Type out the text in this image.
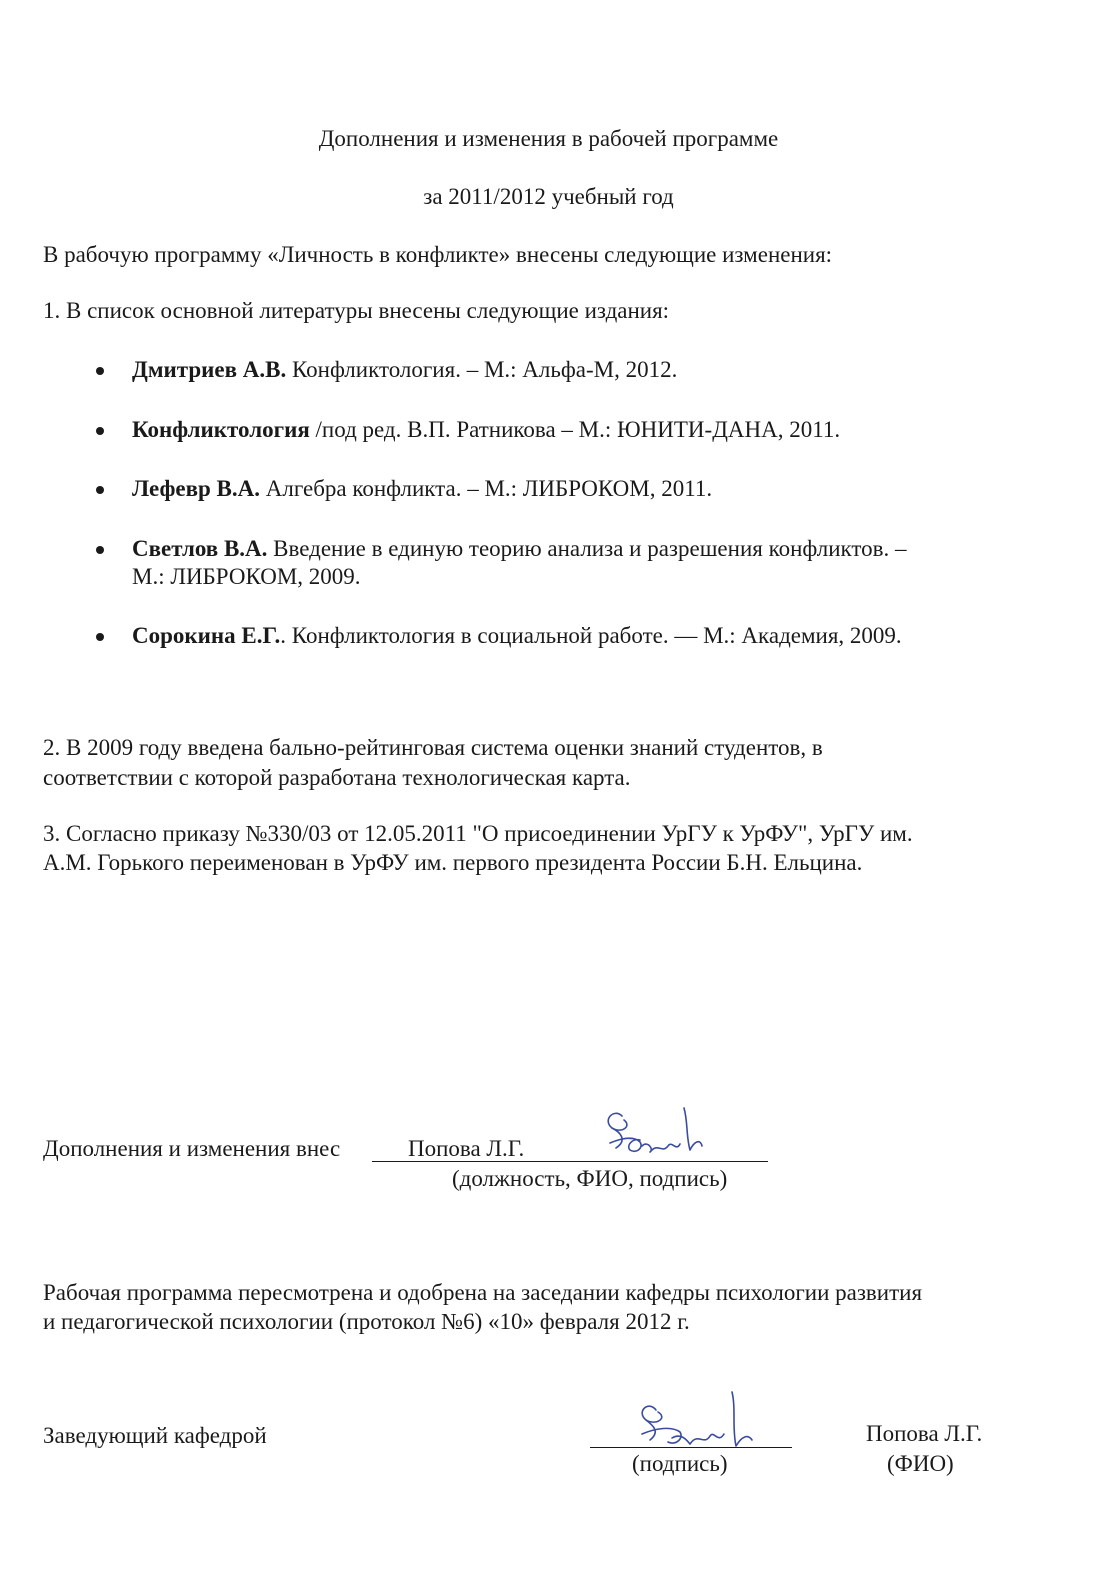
Дополнения и изменения в рабочей программе
за 2011/2012 учебный год
В рабочую программу «Личность в конфликте» внесены следующие изменения:
1. В список основной литературы внесены следующие издания:
Дмитриев А.В. Конфликтология. – М.: Альфа-М, 2012.
Конфликтология /под ред. В.П. Ратникова – М.: ЮНИТИ-ДАНА, 2011.
Лефевр В.А. Алгебра конфликта. – М.: ЛИБРОКОМ, 2011.
Светлов В.А. Введение в единую теорию анализа и разрешения конфликтов. –
М.: ЛИБРОКОМ, 2009.
Сорокина Е.Г.. Конфликтология в социальной работе. — М.: Академия, 2009.
2. В 2009 году введена бально-рейтинговая система оценки знаний студентов, в
соответствии с которой разработана технологическая карта.
3. Согласно приказу №330/03 от 12.05.2011 "О присоединении УрГУ к УрФУ", УрГУ им.
А.М. Горького переименован в УрФУ им. первого президента России Б.Н. Ельцина.
Дополнения и изменения внес	Попова Л.Г.
(должность, ФИО, подпись)
Рабочая программа пересмотрена и одобрена на заседании кафедры психологии развития
и педагогической психологии (протокол №6) «10» февраля 2012 г.
Заведующий кафедрой
(подпись)
Попова Л.Г.
(ФИО)
